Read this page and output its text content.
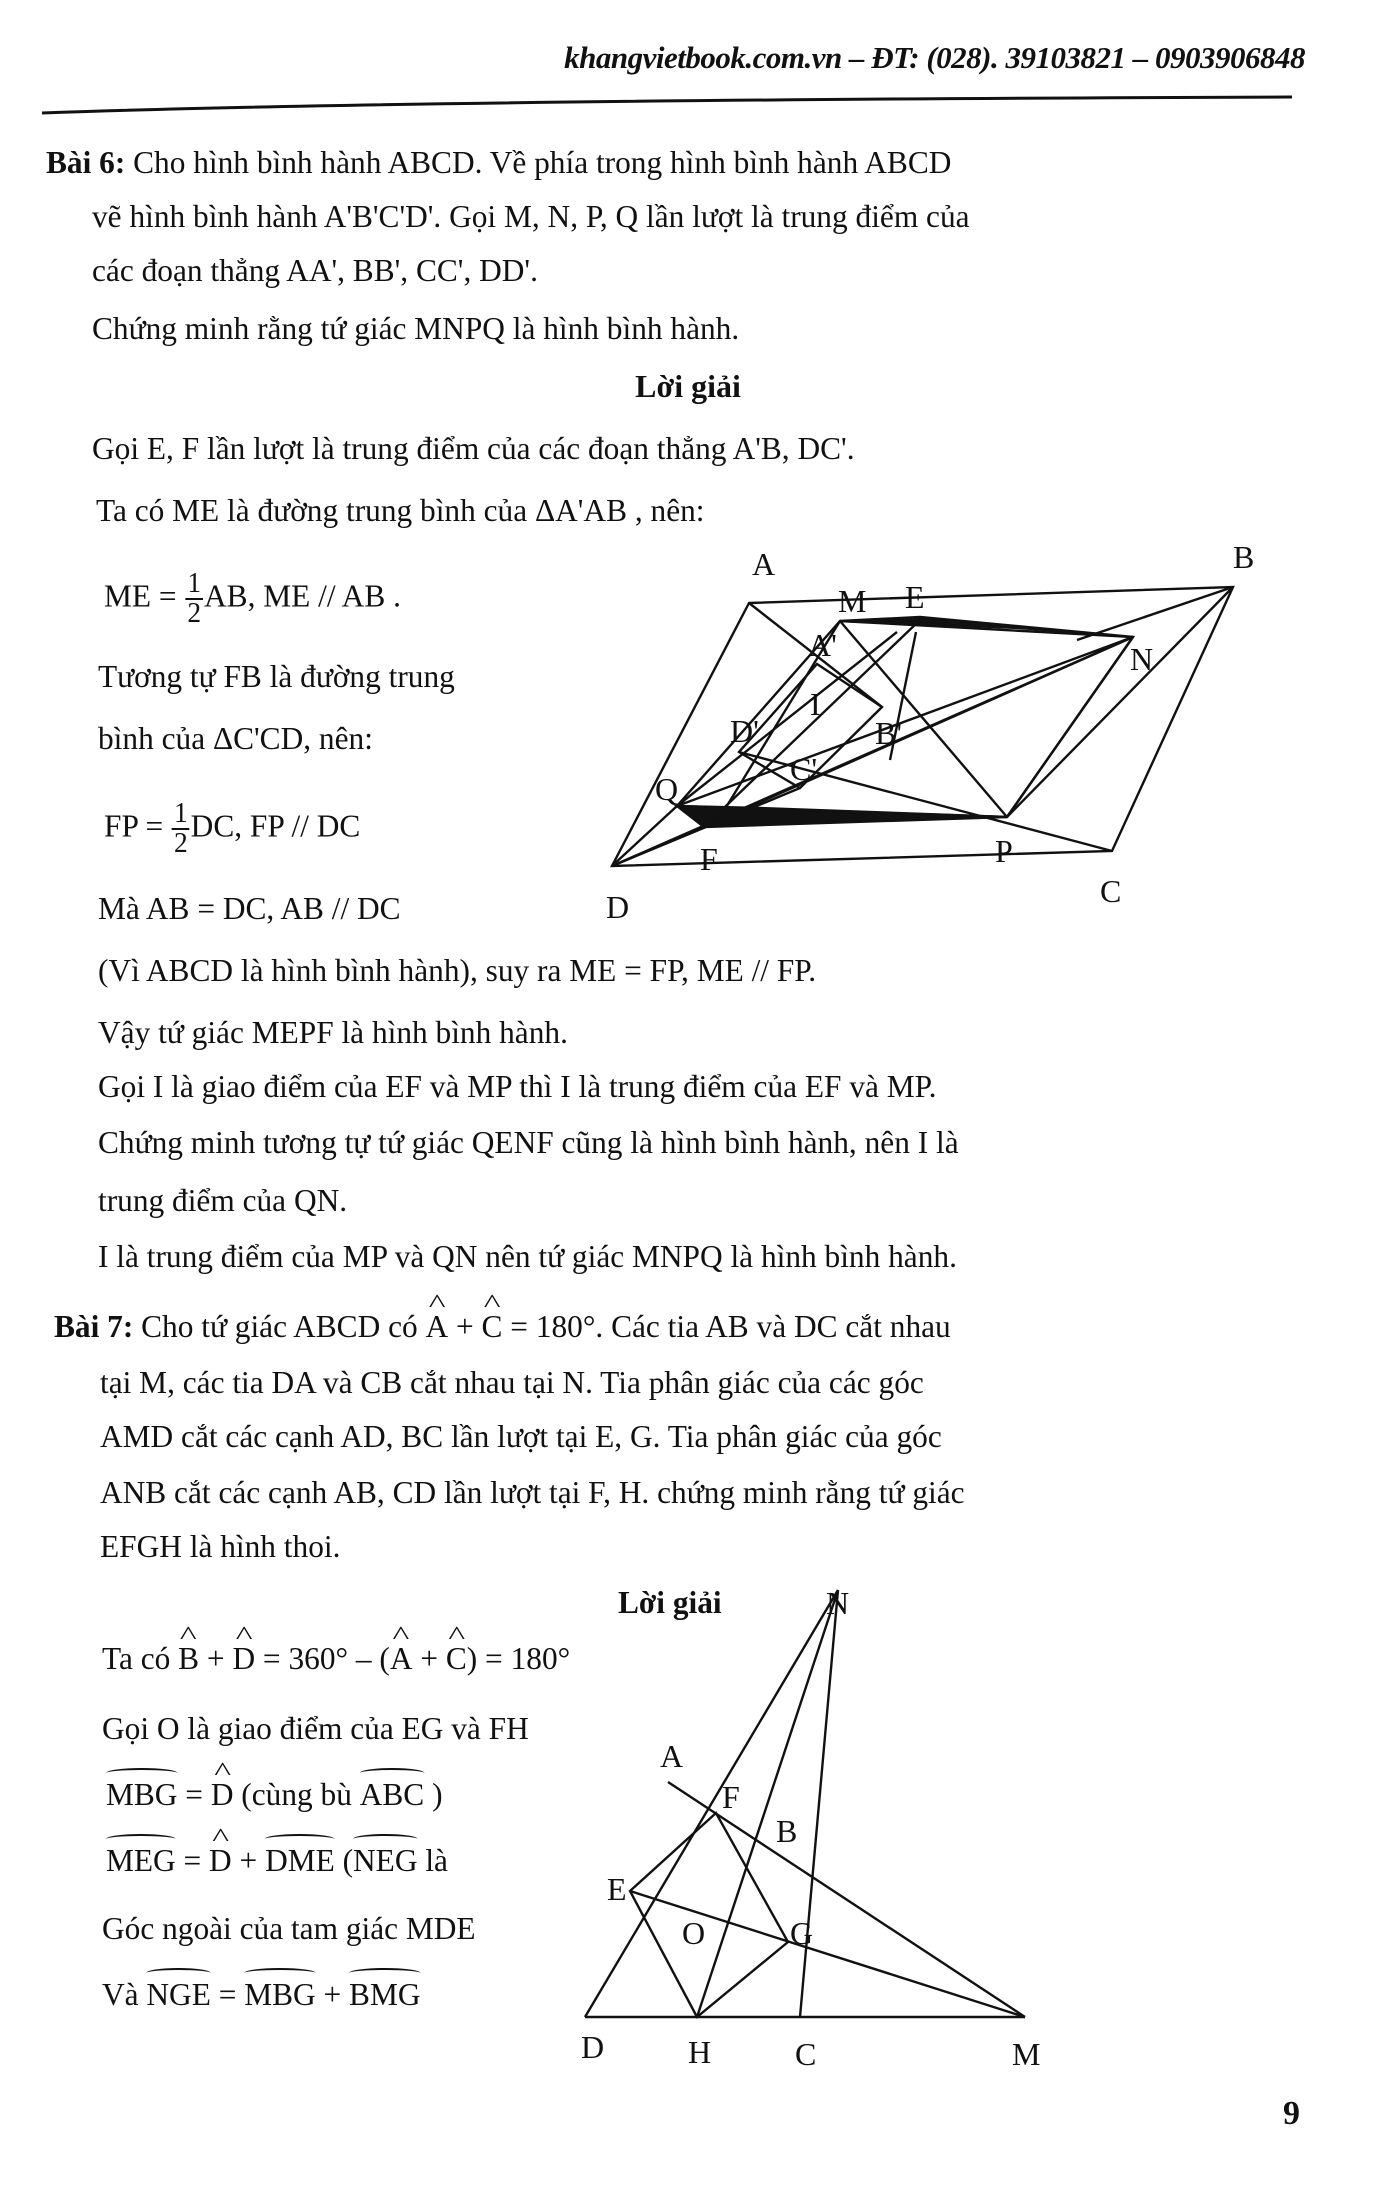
khangvietbook.com.vn – ĐT: (028). 39103821 – 0903906848
Bài 6: Cho hình bình hành ABCD. Về phía trong hình bình hành ABCD
vẽ hình bình hành A'B'C'D'. Gọi M, N, P, Q lần lượt là trung điểm của
các đoạn thẳng AA', BB', CC', DD'.
Chứng minh rằng tứ giác MNPQ là hình bình hành.
Lời giải
Gọi E, F lần lượt là trung điểm của các đoạn thẳng A'B, DC'.
Ta có ME là đường trung bình của ΔA'AB , nên:
ME = $\frac{1}{2}$ AB, ME // AB .
Tương tự FB là đường trung
bình của ΔC'CD, nên:
FP = $\frac{1}{2}$ DC, FP // DC
Mà AB = DC, AB // DC
(Vì ABCD là hình bình hành), suy ra ME = FP, ME // FP.
Vậy tứ giác MEPF là hình bình hành.
Gọi I là giao điểm của EF và MP thì I là trung điểm của EF và MP.
Chứng minh tương tự tứ giác QENF cũng là hình bình hành, nên I là
trung điểm của QN.
I là trung điểm của MP và QN nên tứ giác MNPQ là hình bình hành.
A	B
C
D
M E
N
P
Q
F
A'
B'
C'
D'
I
Bài 7: Cho tứ giác ABCD có ^ A + ^ C = 180°. Các tia AB và DC cắt nhau
tại M, các tia DA và CB cắt nhau tại N. Tia phân giác của các góc
AMD cắt các cạnh AD, BC lần lượt tại E, G. Tia phân giác của góc
ANB cắt các cạnh AB, CD lần lượt tại F, H. chứng minh rằng tứ giác
EFGH là hình thoi.
Lời giải
Ta có ^ B + ^ D = 360° – (^ A + ^ C) = 180°
Gọi O là giao điểm của EG và FH
MBG = ^ D (cùng bù ABC )
MEG = ^ D + DME (NEG là
Góc ngoài của tam giác MDE
Và NGE = MBG + BMG
N
A
F
B
E
O	G
D	H	C	M
9
